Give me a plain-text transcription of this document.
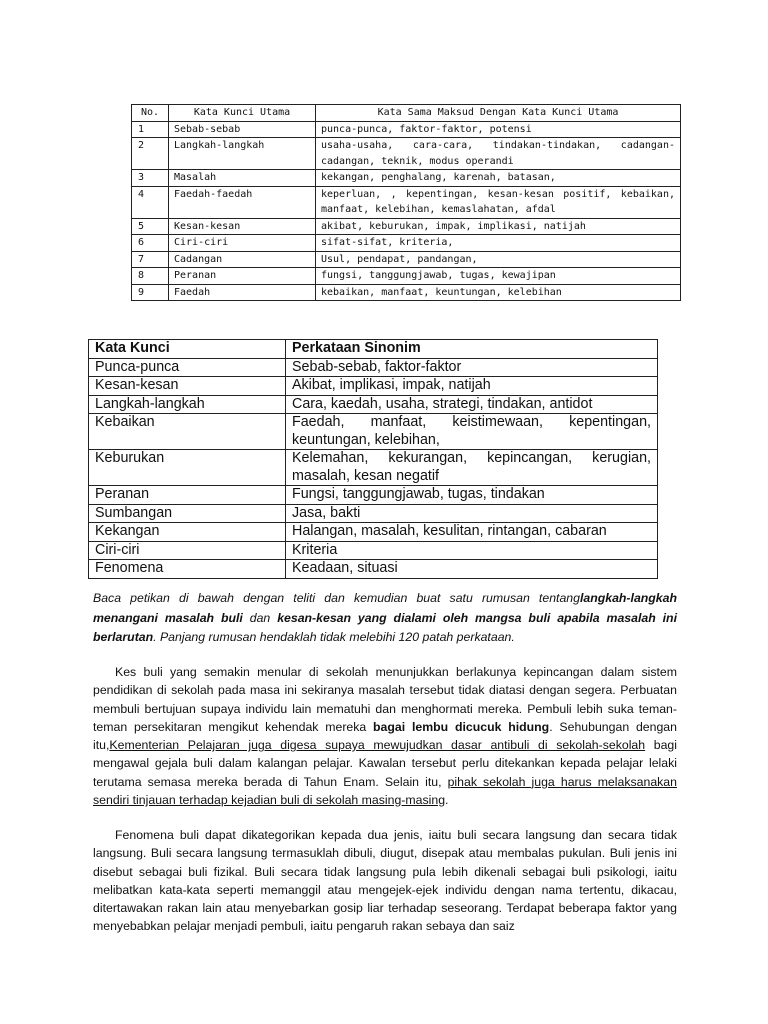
No.	Kata Kunci Utama	Kata Sama Maksud Dengan Kata Kunci Utama
1	Sebab-sebab	punca-punca, faktor-faktor, potensi
2	Langkah-langkah	usaha-usaha, cara-cara, tindakan-tindakan, cadangan-cadangan, teknik, modus operandi
3	Masalah	kekangan, penghalang, karenah, batasan,
4	Faedah-faedah	keperluan, , kepentingan, kesan-kesan positif, kebaikan, manfaat, kelebihan, kemaslahatan, afdal
5	Kesan-kesan	akibat, keburukan, impak, implikasi, natijah
6	Ciri-ciri	sifat-sifat, kriteria,
7	Cadangan	Usul, pendapat, pandangan,
8	Peranan	fungsi, tanggungjawab, tugas, kewajipan
9	Faedah	kebaikan, manfaat, keuntungan, kelebihan
Kata Kunci	Perkataan Sinonim
Punca-punca	Sebab-sebab, faktor-faktor
Kesan-kesan	Akibat, implikasi, impak, natijah
Langkah-langkah	Cara, kaedah, usaha, strategi, tindakan, antidot
Kebaikan	Faedah, manfaat, keistimewaan, kepentingan, keuntungan, kelebihan,
Keburukan	Kelemahan, kekurangan, kepincangan, kerugian, masalah, kesan negatif
Peranan	Fungsi, tanggungjawab, tugas, tindakan
Sumbangan	Jasa, bakti
Kekangan	Halangan, masalah, kesulitan, rintangan, cabaran
Ciri-ciri	Kriteria
Fenomena	Keadaan, situasi

Baca petikan di bawah dengan teliti dan kemudian buat satu rumusan tentanglangkah-langkah menangani masalah buli dan kesan-kesan yang dialami oleh mangsa buli apabila masalah ini berlarutan. Panjang rumusan hendaklah tidak melebihi 120 patah perkataan.

Kes buli yang semakin menular di sekolah menunjukkan berlakunya kepincangan dalam sistem pendidikan di sekolah pada masa ini sekiranya masalah tersebut tidak diatasi dengan segera. Perbuatan membuli bertujuan supaya individu lain mematuhi dan menghormati mereka. Pembuli lebih suka teman-teman persekitaran mengikut kehendak mereka bagai lembu dicucuk hidung. Sehubungan dengan itu,Kementerian Pelajaran juga digesa supaya mewujudkan dasar antibuli di sekolah-sekolah bagi mengawal gejala buli dalam kalangan pelajar. Kawalan tersebut perlu ditekankan kepada pelajar lelaki terutama semasa mereka berada di Tahun Enam. Selain itu, pihak sekolah juga harus melaksanakan sendiri tinjauan terhadap kejadian buli di sekolah masing-masing.

Fenomena buli dapat dikategorikan kepada dua jenis, iaitu buli secara langsung dan secara tidak langsung. Buli secara langsung termasuklah dibuli, diugut, disepak atau membalas pukulan. Buli jenis ini disebut sebagai buli fizikal. Buli secara tidak langsung pula lebih dikenali sebagai buli psikologi, iaitu melibatkan kata-kata seperti memanggil atau mengejek-ejek individu dengan nama tertentu, dikacau, ditertawakan rakan lain atau menyebarkan gosip liar terhadap seseorang. Terdapat beberapa faktor yang menyebabkan pelajar menjadi pembuli, iaitu pengaruh rakan sebaya dan saiz
